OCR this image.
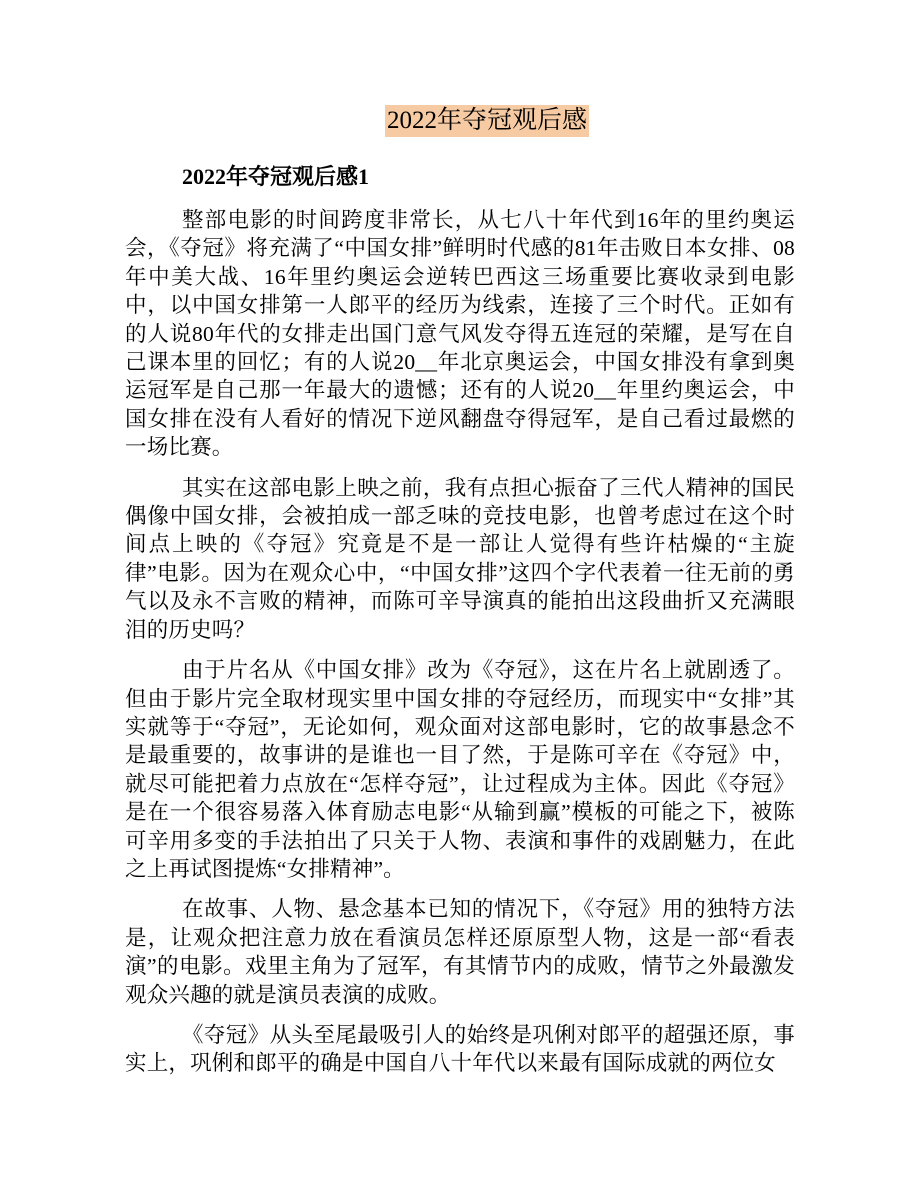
2022年夺冠观后感
2022年夺冠观后感1

整部电影的时间跨度非常长，从七八十年代到16年的里约奥运会，《夺冠》将充满了“中国女排”鲜明时代感的81年击败日本女排、08年中美大战、16年里约奥运会逆转巴西这三场重要比赛收录到电影中，以中国女排第一人郎平的经历为线索，连接了三个时代。正如有的人说80年代的女排走出国门意气风发夺得五连冠的荣耀，是写在自己课本里的回忆；有的人说20__年北京奥运会，中国女排没有拿到奥运冠军是自己那一年最大的遗憾；还有的人说20__年里约奥运会，中国女排在没有人看好的情况下逆风翻盘夺得冠军，是自己看过最燃的一场比赛。

其实在这部电影上映之前，我有点担心振奋了三代人精神的国民偶像中国女排，会被拍成一部乏味的竞技电影，也曾考虑过在这个时间点上映的《夺冠》究竟是不是一部让人觉得有些许枯燥的“主旋律”电影。因为在观众心中，“中国女排”这四个字代表着一往无前的勇气以及永不言败的精神，而陈可辛导演真的能拍出这段曲折又充满眼泪的历史吗？

由于片名从《中国女排》改为《夺冠》，这在片名上就剧透了。但由于影片完全取材现实里中国女排的夺冠经历，而现实中“女排”其实就等于“夺冠”，无论如何，观众面对这部电影时，它的故事悬念不是最重要的，故事讲的是谁也一目了然，于是陈可辛在《夺冠》中，就尽可能把着力点放在“怎样夺冠”，让过程成为主体。因此《夺冠》是在一个很容易落入体育励志电影“从输到赢”模板的可能之下，被陈可辛用多变的手法拍出了只关于人物、表演和事件的戏剧魅力，在此之上再试图提炼“女排精神”。

在故事、人物、悬念基本已知的情况下，《夺冠》用的独特方法是，让观众把注意力放在看演员怎样还原原型人物，这是一部“看表演”的电影。戏里主角为了冠军，有其情节内的成败，情节之外最激发观众兴趣的就是演员表演的成败。

《夺冠》从头至尾最吸引人的始终是巩俐对郎平的超强还原，事实上，巩俐和郎平的确是中国自八十年代以来最有国际成就的两位女
